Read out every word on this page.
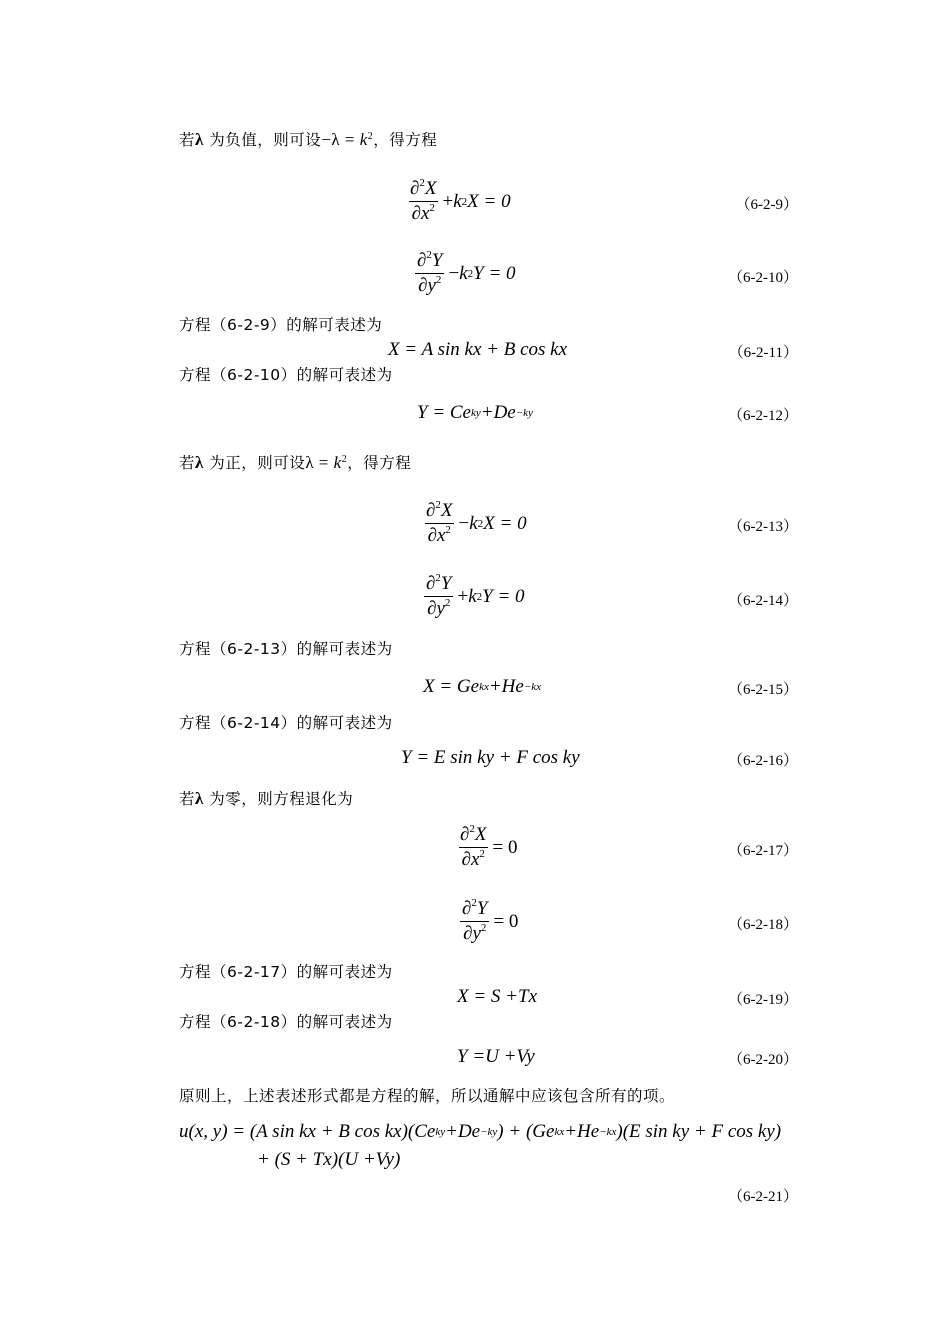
若λ 为负值，则可设$-\lambda = k^2$，得方程
$\frac{\partial^2X}{\partial x^2} + k$ 2 X = 0	（6-2-9）
$\frac{\partial^2Y}{\partial y^2} - k$ 2 Y = 0	（6-2-10）
方程（6-2-9）的解可表述为
X = A sin kx + B cos kx	（6-2-11）
方程（6-2-10）的解可表述为
Y = Ce ky +De −ky	（6-2-12）
若λ 为正，则可设$\lambda = k^2$，得方程
$\frac{\partial^2X}{\partial x^2} - k$ 2 X = 0	（6-2-13）
$\frac{\partial^2Y}{\partial y^2} + k$ 2 Y = 0	（6-2-14）
方程（6-2-13）的解可表述为
X = Ge kx +He −kx	（6-2-15）
方程（6-2-14）的解可表述为
Y = E sin ky + F cos ky	（6-2-16）
若λ 为零，则方程退化为
$\frac{\partial^2X}{\partial x^2} = 0$	（6-2-17）
$\frac{\partial^2Y}{\partial y^2} = 0$	（6-2-18）
方程（6-2-17）的解可表述为
X = S +Tx	（6-2-19）
方程（6-2-18）的解可表述为
Y =U +Vy	（6-2-20）
原则上，上述表述形式都是方程的解，所以通解中应该包含所有的项。
u(x, y) = (A sin kx + B cos kx)(Ce ky +De −ky ) + (Ge kx +He −kx )(E sin ky + F cos ky)
+ (S + Tx)(U +Vy)
（6-2-21）
